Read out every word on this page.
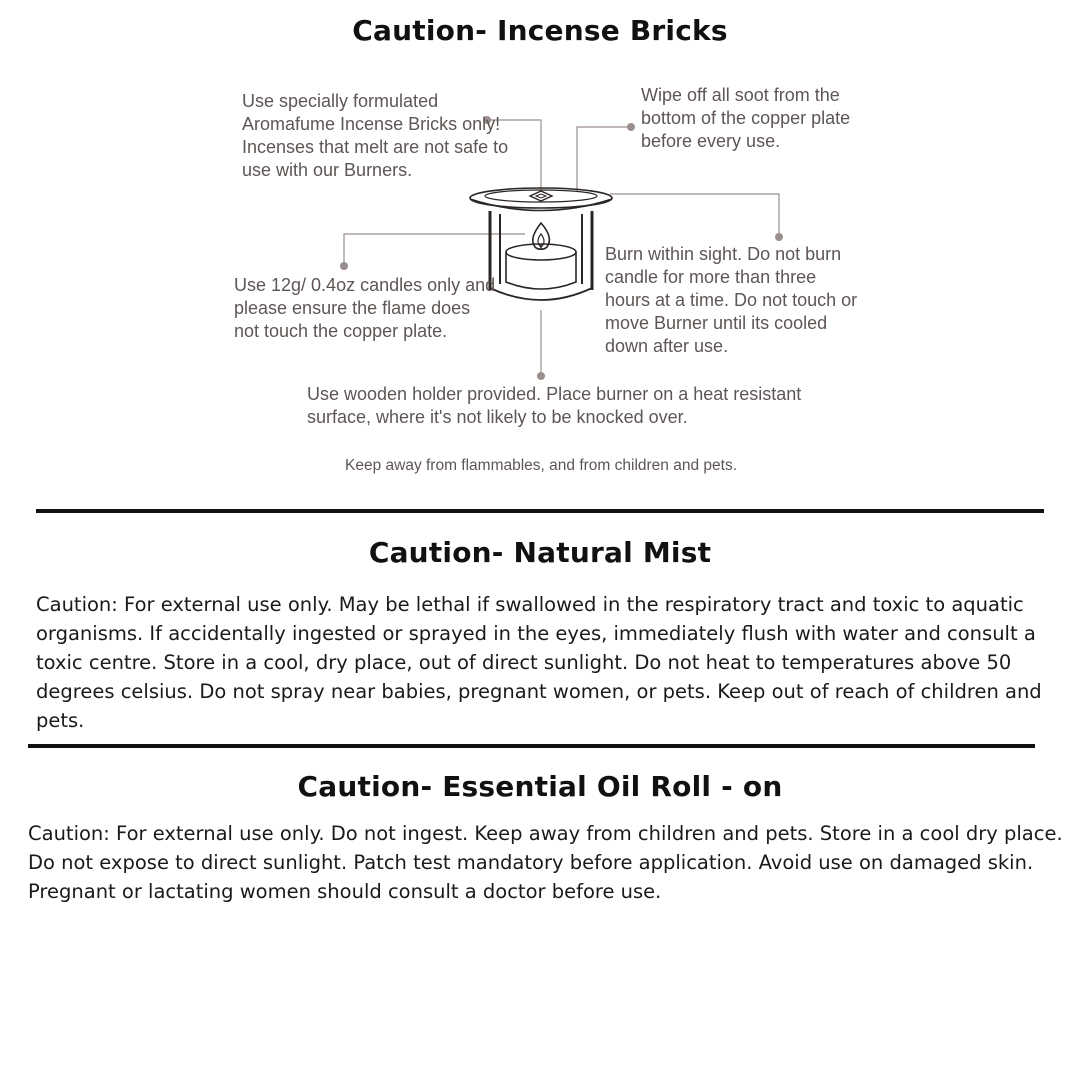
Caution- Incense Bricks

Use specially formulated Aromafume Incense Bricks only! Incenses that melt are not safe to use with our Burners.

Wipe off all soot from the bottom of the copper plate before every use.

Use 12g/ 0.4oz candles only and please ensure the flame does not touch the copper plate.

Burn within sight. Do not burn candle for more than three hours at a time. Do not touch or move Burner until its cooled down after use.

Use wooden holder provided. Place burner on a heat resistant surface, where it's not likely to be knocked over.

Keep away from flammables, and from children and pets.

Caution- Natural Mist

Caution: For external use only. May be lethal if swallowed in the respiratory tract and toxic to aquatic organisms. If accidentally ingested or sprayed in the eyes, immediately flush with water and consult a toxic centre. Store in a cool, dry place, out of direct sunlight. Do not heat to temperatures above 50 degrees celsius. Do not spray near babies, pregnant women, or pets. Keep out of reach of children and pets.

Caution- Essential Oil Roll - on

Caution: For external use only. Do not ingest. Keep away from children and pets. Store in a cool dry place. Do not expose to direct sunlight. Patch test mandatory before application. Avoid use on damaged skin. Pregnant or lactating women should consult a doctor before use.
